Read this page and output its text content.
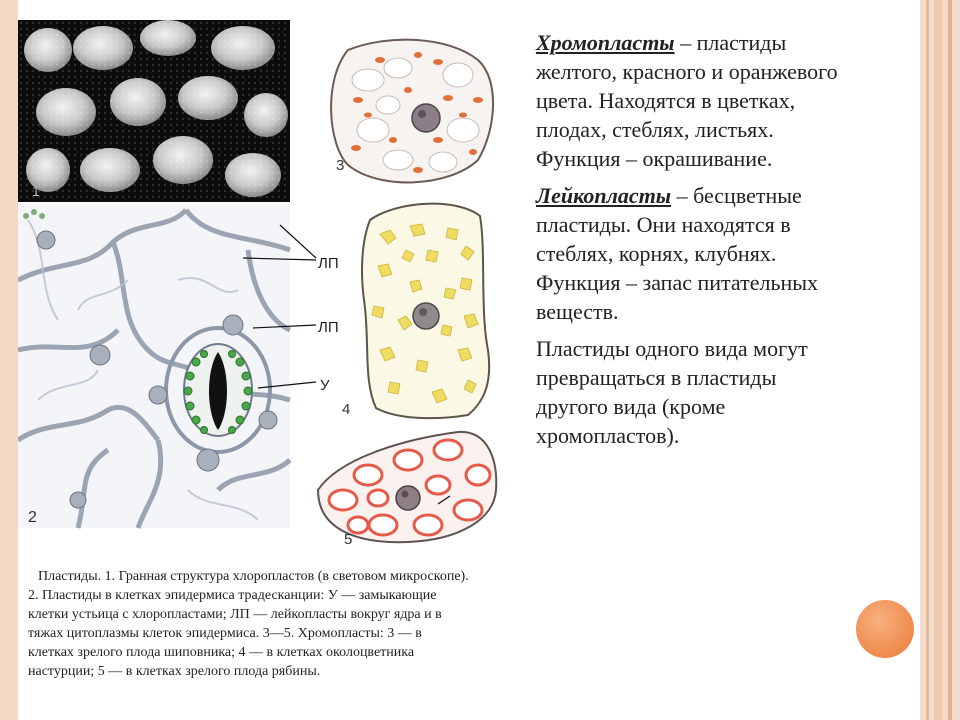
1
2
ЛП
ЛП
У
3
4
5

Хромопласты – пластиды
желтого, красного и оранжевого
цвета. Находятся в цветках,
плодах, стеблях, листьях.
Функция – окрашивание.

Лейкопласты – бесцветные
пластиды. Они находятся в
стеблях, корнях, клубнях.
Функция – запас питательных
веществ.

Пластиды одного вида могут
превращаться в пластиды
другого вида (кроме
хромопластов).

Пластиды. 1. Гранная структура хлоропластов (в световом микроскопе).
2. Пластиды в клетках эпидермиса традесканции: У — замыкающие
клетки устьица с хлоропластами; ЛП — лейкопласты вокруг ядра и в
тяжах цитоплазмы клеток эпидермиса. 3—5. Хромопласты: 3 — в
клетках зрелого плода шиповника; 4 — в клетках околоцветника
настурции; 5 — в клетках зрелого плода рябины.
